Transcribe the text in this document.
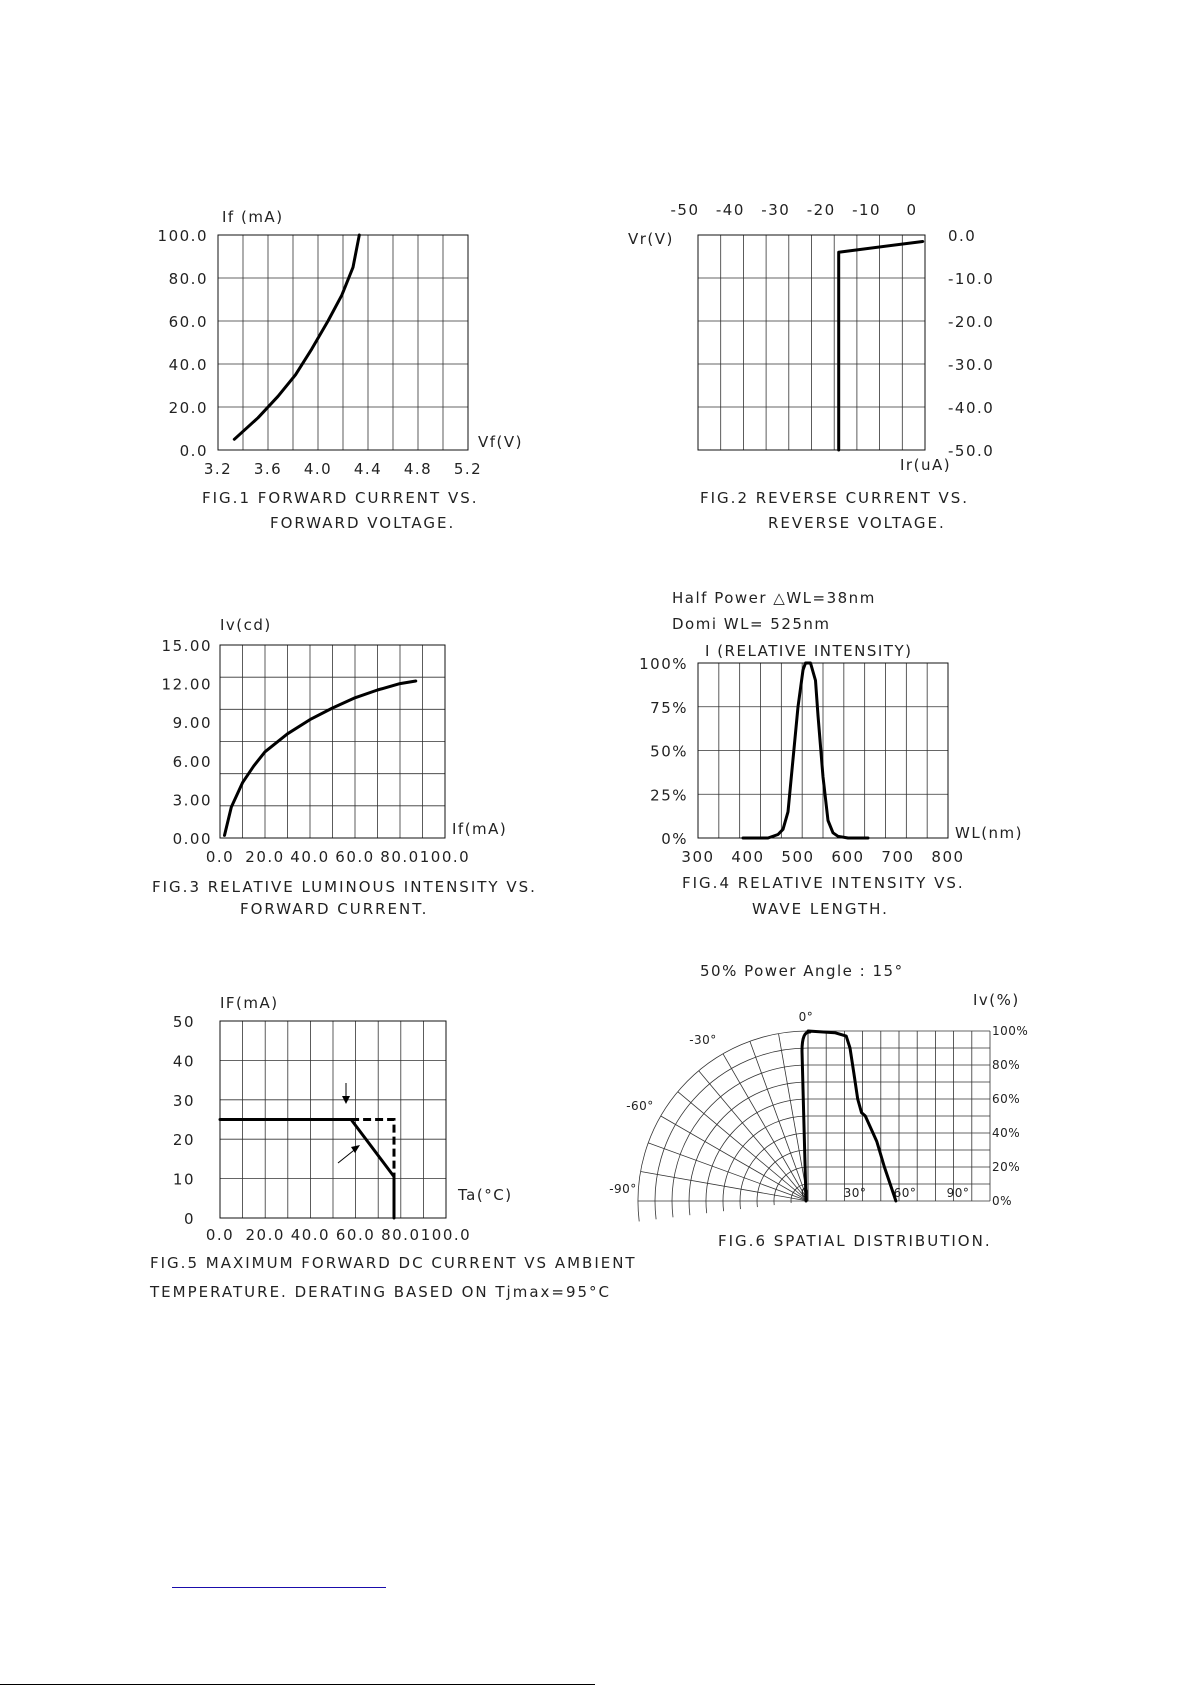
0.0
20.0
40.0
60.0
80.0
100.0
3.2 3.6 4.0 4.4 4.8 5.2
If (mA)
Vf(V)
FIG.1 FORWARD CURRENT VS.
FORWARD VOLTAGE.
-50 -40 -30 -20 -10 0
0.0
-10.0
-20.0
-30.0
-40.0
-50.0
Vr(V)
Ir(uA)
FIG.2 REVERSE CURRENT VS.
REVERSE VOLTAGE.
0.00
3.00
6.00
9.00
12.00
15.00
0.0 20.0 40.0 60.0 80.0 100.0
Iv(cd)
If(mA)
FIG.3 RELATIVE LUMINOUS INTENSITY VS.
FORWARD CURRENT.
Half Power △WL=38nm
Domi WL= 525nm
I (RELATIVE INTENSITY)
0%
25%
50%
75%
100%
300 400 500 600 700 800
WL(nm)
FIG.4 RELATIVE INTENSITY VS.
WAVE LENGTH.
0
10
20
30
40
50
0.0 20.0 40.0 60.0 80.0 100.0
IF(mA)
Ta(°C)
FIG.5 MAXIMUM FORWARD DC CURRENT VS AMBIENT
TEMPERATURE. DERATING BASED ON Tjmax=95°C
50% Power Angle : 15°
Iv(%)
FIG.6 SPATIAL DISTRIBUTION.
0%
20%
40%
60%
80%
100%
0°
-30°
-60°
-90°	0	30° 60°	90°
